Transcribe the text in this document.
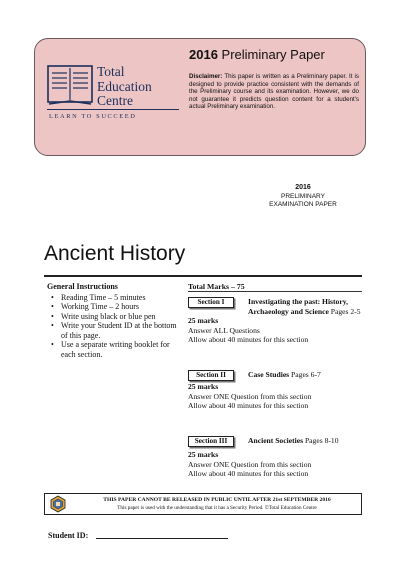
Total
Education
Centre
LEARN TO SUCCEED
2016 Preliminary Paper
Disclaimer: This paper is written as a Preliminary paper. It is designed to provide practice consistent with the demands of the Preliminary course and its examination. However, we do not guarantee it predicts question content for a student's actual Preliminary examination.
2016
PRELIMINARY
EXAMINATION PAPER
Ancient History
General Instructions
• Reading Time – 5 minutes
• Working Time – 2 hours
• Write using black or blue pen
• Write your Student ID at the bottom of this page.
• Use a separate writing booklet for each section.
Total Marks – 75
Section I	Investigating the past: History, Archaeology and Science Pages 2-5
25 marks
Answer ALL Questions
Allow about 40 minutes for this section
Section II	Case Studies Pages 6-7
25 marks
Answer ONE Question from this section
Allow about 40 minutes for this section
Section III	Ancient Societies Pages 8-10
25 marks
Answer ONE Question from this section
Allow about 40 minutes for this section
THIS PAPER CANNOT BE RELEASED IN PUBLIC UNTIL AFTER 21st SEPTEMBER 2016
This paper is used with the understanding that it has a Security Period. ©Total Education Centre
Student ID:
